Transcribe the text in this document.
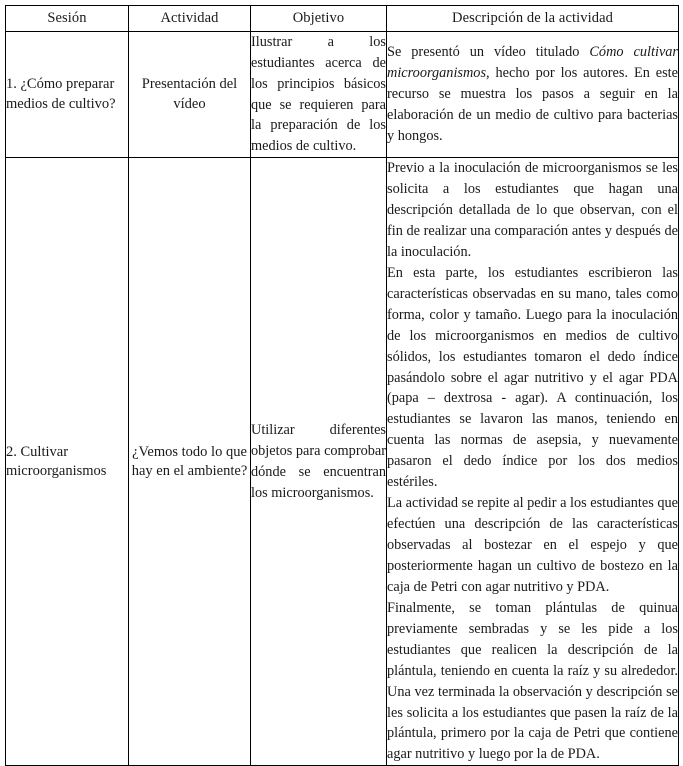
Sesión	Actividad	Objetivo	Descripción de la actividad

1. ¿Cómo preparar medios de cultivo?	Presentación del vídeo	Ilustrar a los estudiantes acerca de los principios básicos que se requieren para la preparación de los medios de cultivo.	Se presentó un vídeo titulado Cómo cultivar microorganismos, hecho por los autores. En este recurso se muestra los pasos a seguir en la elaboración de un medio de cultivo para bacterias y hongos.

2. Cultivar microorganismos	¿Vemos todo lo que hay en el ambiente?	Utilizar diferentes objetos para comprobar dónde se encuentran los microorganismos.	Previo a la inoculación de microorganismos se les solicita a los estudiantes que hagan una descripción detallada de lo que observan, con el fin de realizar una comparación antes y después de la inoculación.

En esta parte, los estudiantes escribieron las características observadas en su mano, tales como forma, color y tamaño. Luego para la inoculación de los microorganismos en medios de cultivo sólidos, los estudiantes tomaron el dedo índice pasándolo sobre el agar nutritivo y el agar PDA (papa – dextrosa - agar). A continuación, los estudiantes se lavaron las manos, teniendo en cuenta las normas de asepsia, y nuevamente pasaron el dedo índice por los dos medios estériles.

La actividad se repite al pedir a los estudiantes que efectúen una descripción de las características observadas al bostezar en el espejo y que posteriormente hagan un cultivo de bostezo en la caja de Petri con agar nutritivo y PDA.

Finalmente, se toman plántulas de quinua previamente sembradas y se les pide a los estudiantes que realicen la descripción de la plántula, teniendo en cuenta la raíz y su alrededor. Una vez terminada la observación y descripción se les solicita a los estudiantes que pasen la raíz de la plántula, primero por la caja de Petri que contiene agar nutritivo y luego por la de PDA.
